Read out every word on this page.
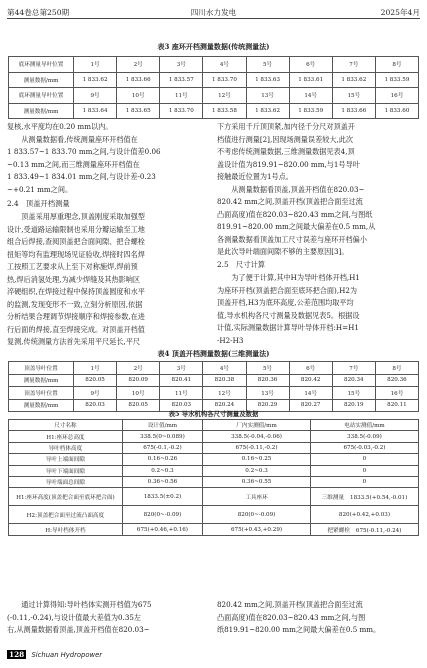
第44卷总第250期	四川水力发电	2025年4月
表3 座环开档测量数据(传统测量法)
底环测量导叶位置	1号	2号	3号	4号	5号	6号	7号	8号
测量数据/mm	1 833.62	1 833.66	1 833.57	1 833.70	1 833.63	1 833.61	1 833.62	1 833.59
底环测量导叶位置	9号	10号	11号	12号	13号	14号	15号	16号
测量数据/mm	1 833.64	1 833.65	1 833.70	1 833.58	1 833.62	1 833.59	1 833.66	1 833.60
复核,水平度均在0.20 mm以内。
　　从测量数据看,传统测量座环开档值在
1 833.57~1 833.70 mm之间,与设计值差0.06
~0.13 mm之间,而三维测量座环开档值在
1 833.49~1 834.01 mm之间,与设计差-0.23
~+0.21 mm之间。
2.4　顶盖开档测量
　　顶盖采用厚重理念,顶盖刚度采取加强型
设计,受道路运输限制也采用分瓣运输至工地
组合后焊接,查阅顶盖把合面间隙、把合螺栓
扭矩等均有监理现场见证验收,焊接时四名焊
工按照工艺要求从上至下对称施焊,焊前预
热,焊后消氢处理,为减少焊缝及其热影响区
淬硬组织,在焊接过程中保持顶盖圆度和水平
的监测,发现变形不一致,立刻分析原因,依据
分析结果合理调节焊接顺序和焊接参数,在进
行后面的焊接,直至焊接完成。对顶盖开档值
复测,传统测量方法首先采用平尺延长,平尺
下方采用千斤顶顶紧,加内径千分尺对顶盖开
档值进行测量[2],因现场测量误差较大,此次
不考虑传统测量数据,三维测量数据见表4,顶
盖设计值为819.91~820.00 mm,与1号导叶
接触最近位置为1号点。
　　从测量数据看顶盖,顶盖开档值在820.03~
820.42 mm之间,顶盖开档(顶盖把合面至过流
凸面高度)值在820.03~820.43 mm之间,与图纸
819.91~820.00 mm之间最大偏差在0.5 mm,从
各测量数据看顶盖加工尺寸误差与座环开档偏小
是此次导叶端面间隙不够的主要原因[3]。
2.5　尺寸计算
　　为了便于计算,其中H为导叶档体开档,H1
为座环开档(顶盖把合面至底环把合面),H2为
顶盖开档,H3为底环高度,公差范围均取平均
值,导水机构各尺寸测量及数据见表5。根据设
计值,实际测量数据计算导叶导体开档:H=H1
-H2-H3
表4 顶盖开档测量数据(三维测量法)
顶盖导叶位置	1号	2号	3号	4号	5号	6号	7号	8号
测量数据/mm	820.05	820.09	820.41	820.38	820.36	820.42	820.34	820.36
顶盖导叶位置	9号	10号	11号	12号	13号	14号	15号	16号
测量数据/mm	820.03	820.05	820.03	820.24	820.29	820.27	820.19	820.11
表5 导水机构各尺寸测量及数据
尺寸名称	设计值/mm	厂内实测值/mm	电站实测值/mm
H1:座环总高度	338.5(0~0.089)	338.5(-0.04,-0.06)	338.5(-0.09)
导叶档体高度	675(-0.1,-0.2)	675(-0.11,-0.2)	675(-0.03,-0.2)
导叶上端面间隙	0.16~0.26	0.16~0.25	0
导叶下端面间隙	0.2~0.3	0.2~0.3	0
导叶端面总间隙	0.36~0.56	0.36~0.55	0
H1:座环高度(顶盖把合面至底环把合面)	1833.5(±0.2)	工具座环	三维测量 1833.5(+0.54,-0.01)
H2:顶盖把合面至过流凸面高度	820(0~-0.09)	820(0~-0.09)	820(+0.42,+0.03)
H:导叶档体开档	675(+0.46,+0.16)	675(+0.43,+0.29)	把紧螺栓 675(-0.11,-0.24)
　　通过计算得知:导叶档体实测开档值为675
(-0.11,-0.24),与设计值最大差值为0.35左
右,从测量数据看顶盖,顶盖开档值在820.03~
820.42 mm之间,顶盖开档(顶盖把合面至过流
凸面高度)值在820.03~820.43 mm之间,与图
纸819.91~820.00 mm之间最大偏差在0.5 mm。
128 Sichuan Hydropower
